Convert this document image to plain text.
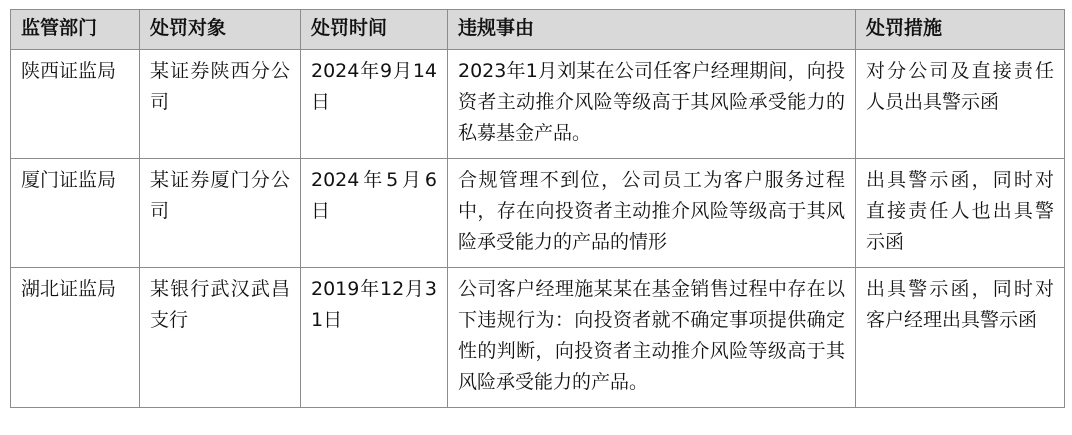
监管部门	处罚对象	处罚时间	违规事由	处罚措施
陕西证监局	某证券陕西分公司	2024年9月14日	2023年1月刘某在公司任客户经理期间，向投资者主动推介风险等级高于其风险承受能力的私募基金产品。	对分公司及直接责任人员出具警示函
厦门证监局	某证券厦门分公司	2024年5月6日	合规管理不到位，公司员工为客户服务过程中，存在向投资者主动推介风险等级高于其风险承受能力的产品的情形	出具警示函，同时对直接责任人也出具警示函
湖北证监局	某银行武汉武昌支行	2019年12月31日	公司客户经理施某某在基金销售过程中存在以下违规行为：向投资者就不确定事项提供确定性的判断，向投资者主动推介风险等级高于其风险承受能力的产品。	出具警示函，同时对客户经理出具警示函
